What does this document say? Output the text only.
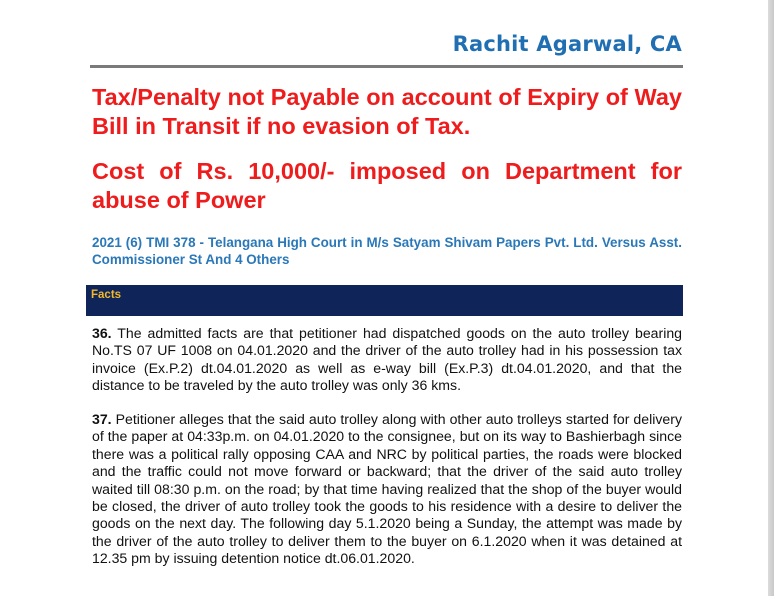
Rachit Agarwal, CA

Tax/Penalty not Payable on account of Expiry of Way Bill in Transit if no evasion of Tax.

Cost of Rs. 10,000/- imposed on Department for abuse of Power

2021 (6) TMI 378 - Telangana High Court in M/s Satyam Shivam Papers Pvt. Ltd. Versus Asst. Commissioner St And 4 Others

Facts

36. The admitted facts are that petitioner had dispatched goods on the auto trolley bearing No.TS 07 UF 1008 on 04.01.2020 and the driver of the auto trolley had in his possession tax invoice (Ex.P.2) dt.04.01.2020 as well as e-way bill (Ex.P.3) dt.04.01.2020, and that the distance to be traveled by the auto trolley was only 36 kms.

37. Petitioner alleges that the said auto trolley along with other auto trolleys started for delivery of the paper at 04:33p.m. on 04.01.2020 to the consignee, but on its way to Bashierbagh since there was a political rally opposing CAA and NRC by political parties, the roads were blocked and the traffic could not move forward or backward; that the driver of the said auto trolley waited till 08:30 p.m. on the road; by that time having realized that the shop of the buyer would be closed, the driver of auto trolley took the goods to his residence with a desire to deliver the goods on the next day. The following day 5.1.2020 being a Sunday, the attempt was made by the driver of the auto trolley to deliver them to the buyer on 6.1.2020 when it was detained at 12.35 pm by issuing detention notice dt.06.01.2020.
